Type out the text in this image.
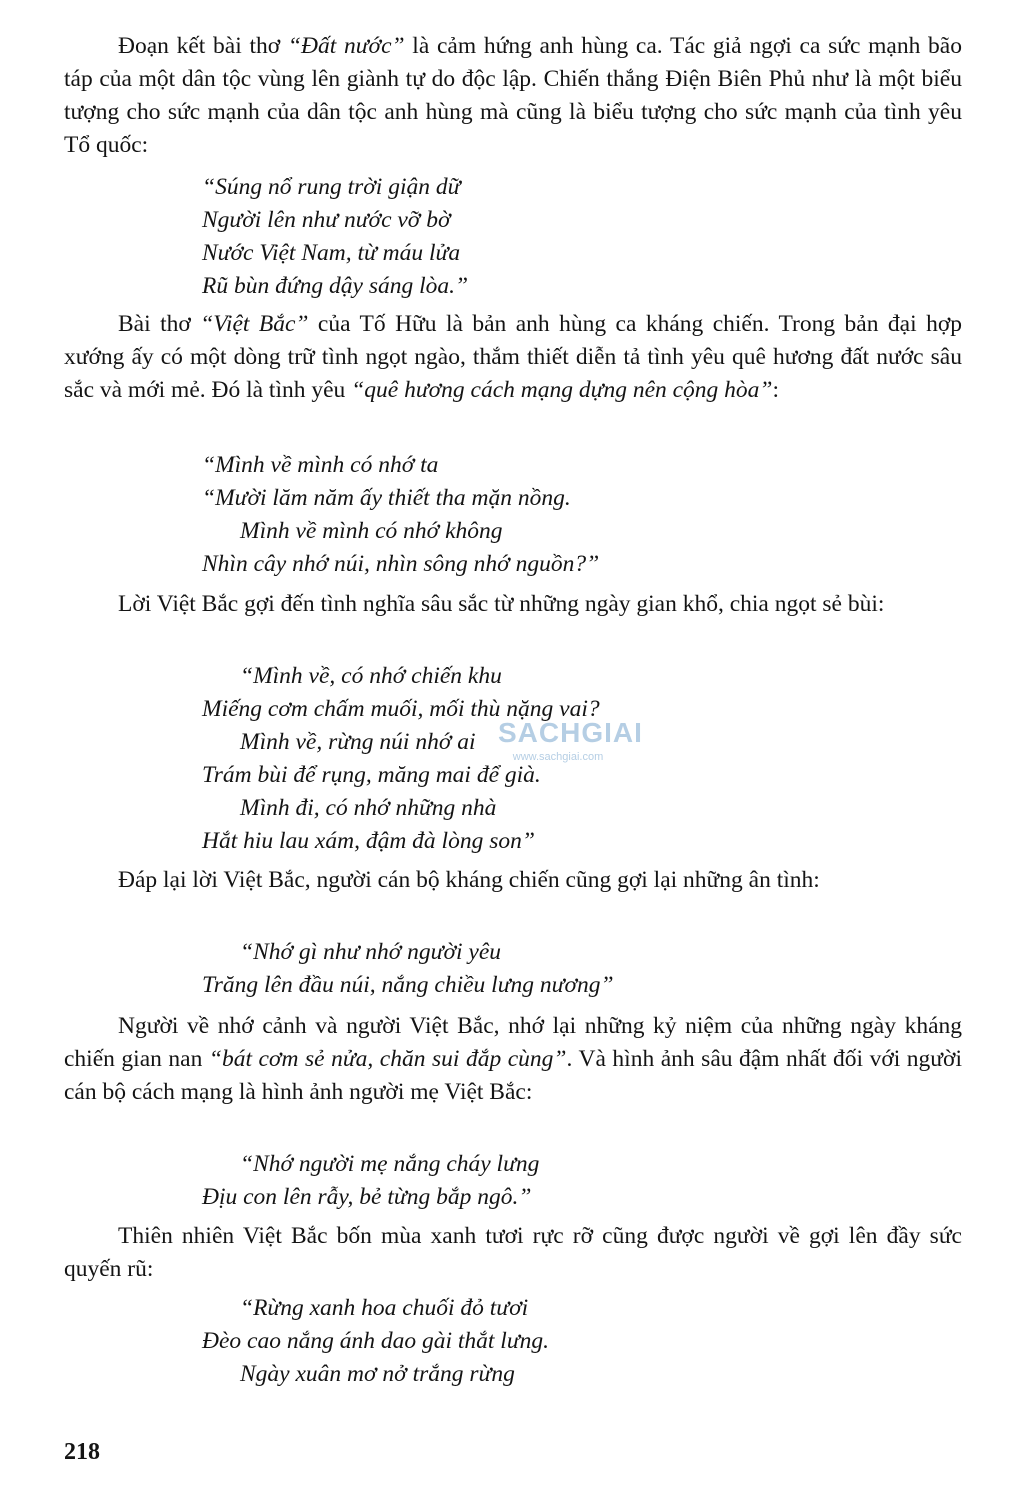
Đoạn kết bài thơ “Đất nước” là cảm hứng anh hùng ca. Tác giả ngợi ca sức mạnh bão táp của một dân tộc vùng lên giành tự do độc lập. Chiến thắng Điện Biên Phủ như là một biểu tượng cho sức mạnh của dân tộc anh hùng mà cũng là biểu tượng cho sức mạnh của tình yêu Tổ quốc:

“Súng nổ rung trời giận dữ
Người lên như nước vỡ bờ
Nước Việt Nam, từ máu lửa
Rũ bùn đứng dậy sáng lòa.”

Bài thơ “Việt Bắc” của Tố Hữu là bản anh hùng ca kháng chiến. Trong bản đại hợp xướng ấy có một dòng trữ tình ngọt ngào, thắm thiết diễn tả tình yêu quê hương đất nước sâu sắc và mới mẻ. Đó là tình yêu “quê hương cách mạng dựng nên cộng hòa”:

“Mình về mình có nhớ ta
“Mười lăm năm ấy thiết tha mặn nồng.
Mình về mình có nhớ không
Nhìn cây nhớ núi, nhìn sông nhớ nguồn?”

Lời Việt Bắc gợi đến tình nghĩa sâu sắc từ những ngày gian khổ, chia ngọt sẻ bùi:

“Mình về, có nhớ chiến khu
Miếng cơm chấm muối, mối thù nặng vai?
Mình về, rừng núi nhớ ai
Trám bùi để rụng, măng mai để già.
Mình đi, có nhớ những nhà
Hắt hiu lau xám, đậm đà lòng son”

Đáp lại lời Việt Bắc, người cán bộ kháng chiến cũng gợi lại những ân tình:

“Nhớ gì như nhớ người yêu
Trăng lên đầu núi, nắng chiều lưng nương”

Người về nhớ cảnh và người Việt Bắc, nhớ lại những kỷ niệm của những ngày kháng chiến gian nan “bát cơm sẻ nửa, chăn sui đắp cùng”. Và hình ảnh sâu đậm nhất đối với người cán bộ cách mạng là hình ảnh người mẹ Việt Bắc:

“Nhớ người mẹ nắng cháy lưng
Địu con lên rẫy, bẻ từng bắp ngô.”

Thiên nhiên Việt Bắc bốn mùa xanh tươi rực rỡ cũng được người về gợi lên đầy sức quyến rũ:

“Rừng xanh hoa chuối đỏ tươi
Đèo cao nắng ánh dao gài thắt lưng.
Ngày xuân mơ nở trắng rừng
SACHGIAI
www.sachgiai.com
218
